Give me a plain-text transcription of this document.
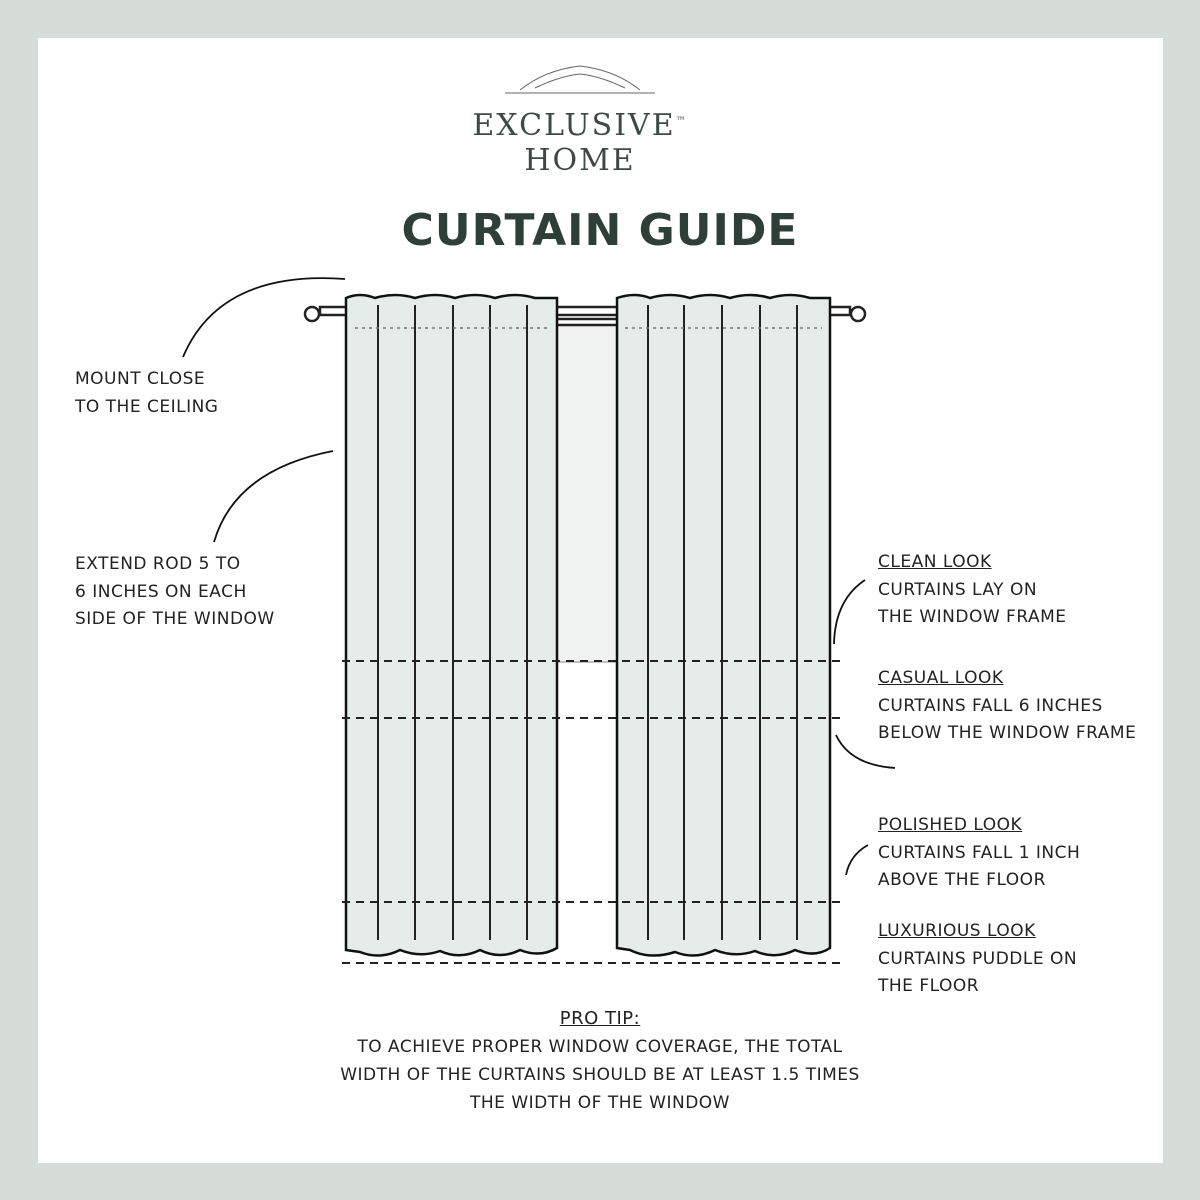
EXCLUSIVE™
HOME
CURTAIN GUIDE
MOUNT CLOSE
TO THE CEILING
EXTEND ROD 5 TO
6 INCHES ON EACH
SIDE OF THE WINDOW
CLEAN LOOK
CURTAINS LAY ON
THE WINDOW FRAME
CASUAL LOOK
CURTAINS FALL 6 INCHES
BELOW THE WINDOW FRAME
POLISHED LOOK
CURTAINS FALL 1 INCH
ABOVE THE FLOOR
LUXURIOUS LOOK
CURTAINS PUDDLE ON
THE FLOOR
PRO TIP:
TO ACHIEVE PROPER WINDOW COVERAGE, THE TOTAL
WIDTH OF THE CURTAINS SHOULD BE AT LEAST 1.5 TIMES
THE WIDTH OF THE WINDOW
